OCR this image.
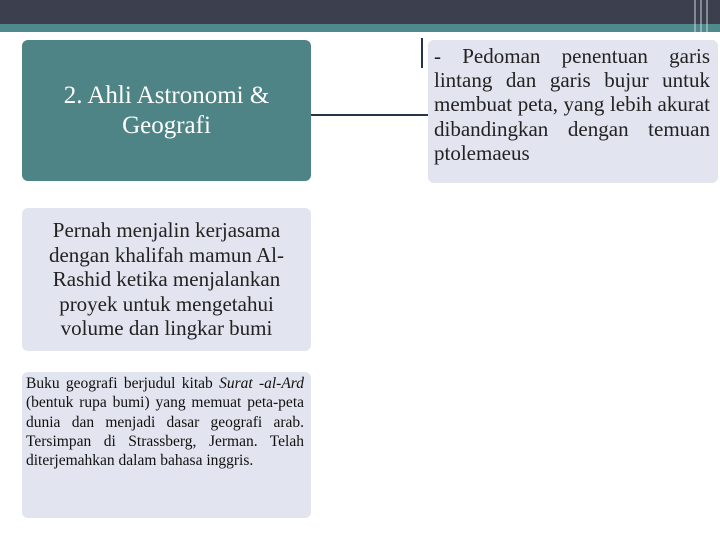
2. Ahli Astronomi & Geografi
- Pedoman penentuan garis lintang dan garis bujur untuk membuat peta, yang lebih akurat dibandingkan dengan temuan ptolemaeus
Pernah menjalin kerjasama dengan khalifah mamun Al-Rashid ketika menjalankan proyek untuk mengetahui volume dan lingkar bumi
Buku geografi berjudul kitab Surat -al-Ard (bentuk rupa bumi) yang memuat peta-peta dunia dan menjadi dasar geografi arab. Tersimpan di Strassberg, Jerman. Telah diterjemahkan dalam bahasa inggris.
